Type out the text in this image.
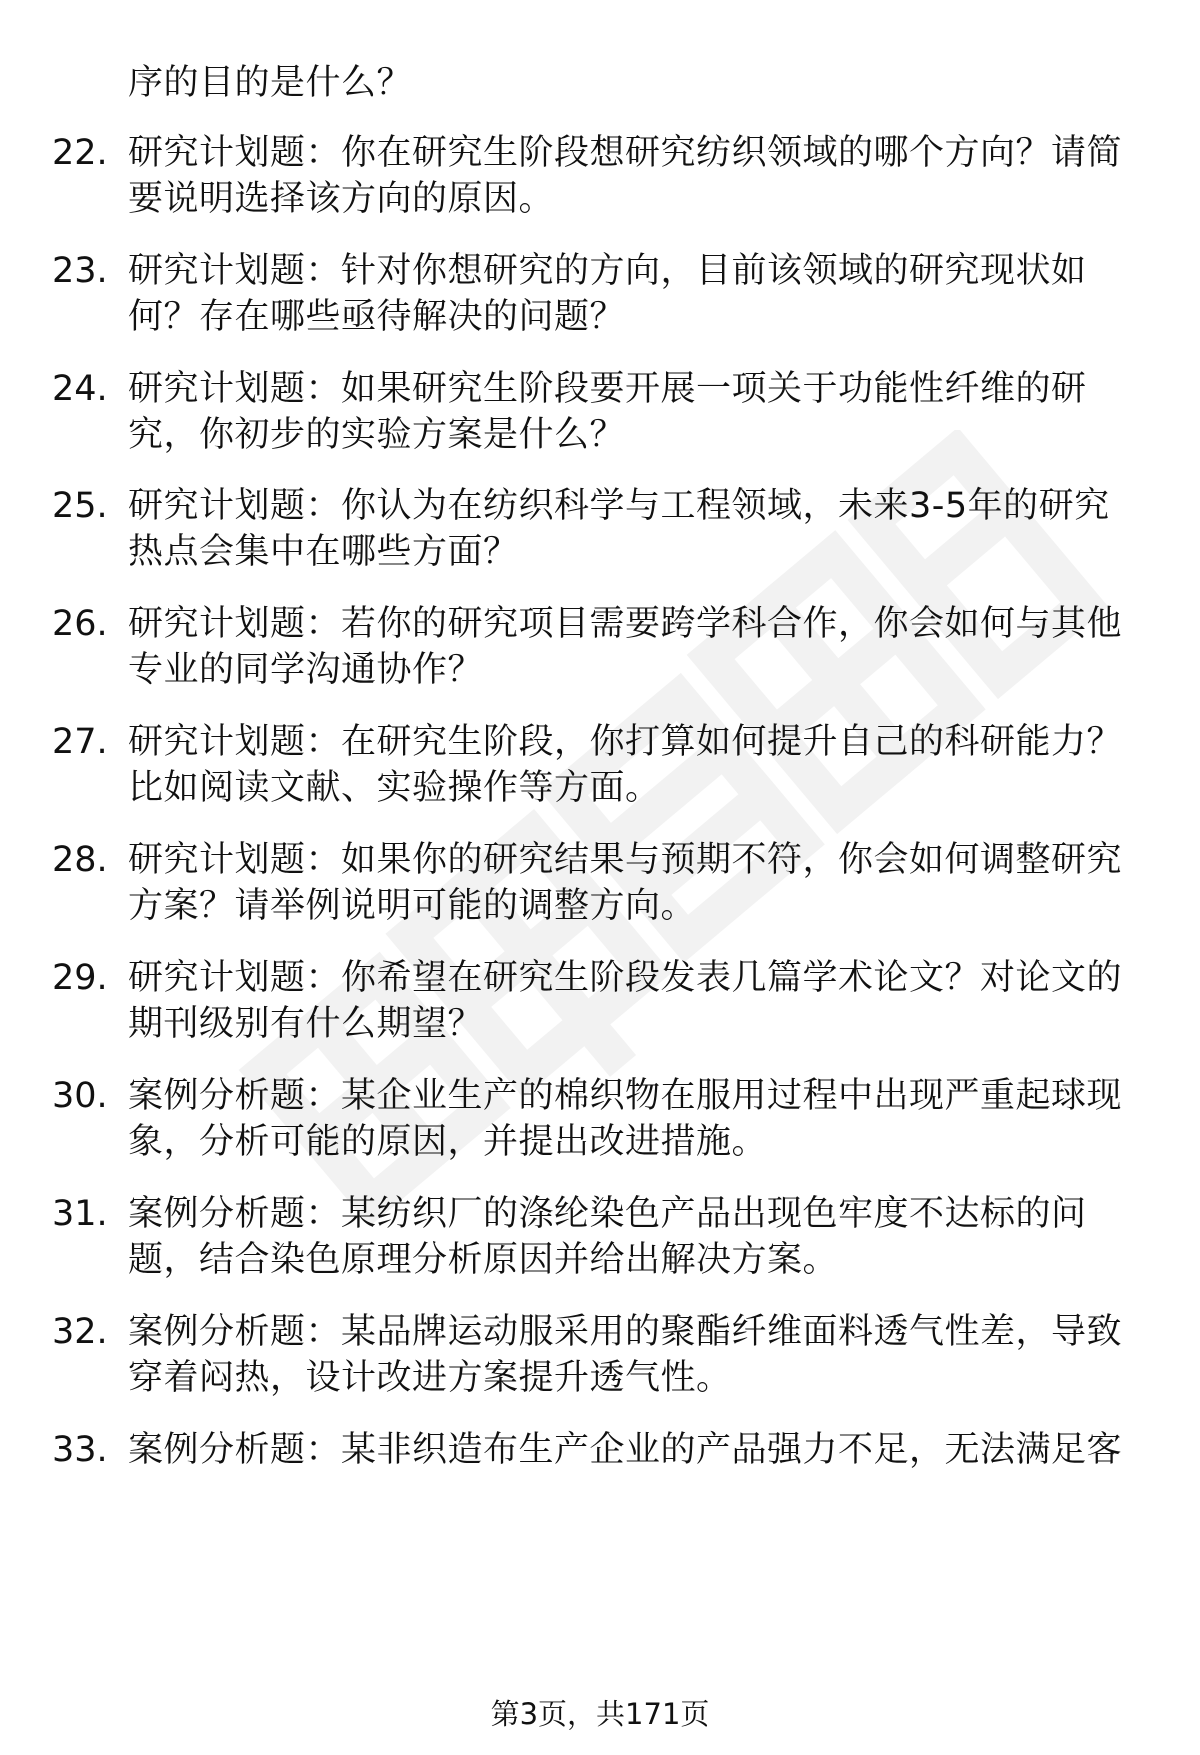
序的目的是什么？
22. 研究计划题：你在研究生阶段想研究纺织领域的哪个方向？请简
要说明选择该方向的原因。
23. 研究计划题：针对你想研究的方向，目前该领域的研究现状如
何？存在哪些亟待解决的问题？
24. 研究计划题：如果研究生阶段要开展一项关于功能性纤维的研
究，你初步的实验方案是什么？
25. 研究计划题：你认为在纺织科学与工程领域，未来3-5年的研究
热点会集中在哪些方面？
26. 研究计划题：若你的研究项目需要跨学科合作，你会如何与其他
专业的同学沟通协作？
27. 研究计划题：在研究生阶段，你打算如何提升自己的科研能力？
比如阅读文献、实验操作等方面。
28. 研究计划题：如果你的研究结果与预期不符，你会如何调整研究
方案？请举例说明可能的调整方向。
29. 研究计划题：你希望在研究生阶段发表几篇学术论文？对论文的
期刊级别有什么期望？
30. 案例分析题：某企业生产的棉织物在服用过程中出现严重起球现
象，分析可能的原因，并提出改进措施。
31. 案例分析题：某纺织厂的涤纶染色产品出现色牢度不达标的问
题，结合染色原理分析原因并给出解决方案。
32. 案例分析题：某品牌运动服采用的聚酯纤维面料透气性差，导致
穿着闷热，设计改进方案提升透气性。
33. 案例分析题：某非织造布生产企业的产品强力不足，无法满足客
第3页，共171页
